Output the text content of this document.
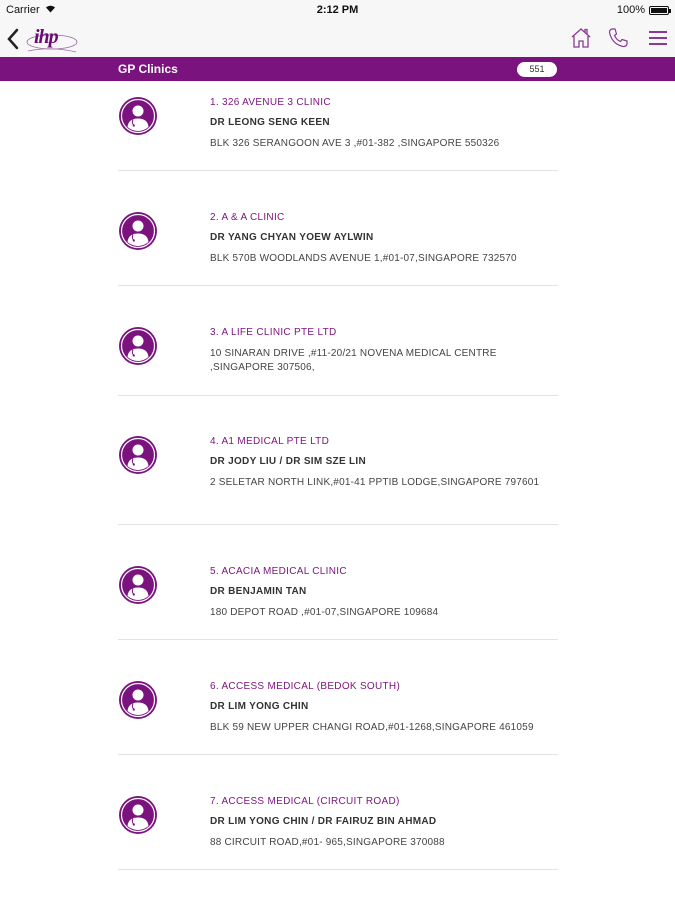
Carrier	2:12 PM	100%
ihp
GP Clinics	551
1. 326 AVENUE 3 CLINIC
DR LEONG SENG KEEN
BLK 326 SERANGOON AVE 3 ,#01-382 ,SINGAPORE 550326
2. A & A CLINIC
DR YANG CHYAN YOEW AYLWIN
BLK 570B WOODLANDS AVENUE 1,#01-07,SINGAPORE 732570
3. A LIFE CLINIC PTE LTD
10 SINARAN DRIVE ,#11-20/21 NOVENA MEDICAL CENTRE ,SINGAPORE 307506,
4. A1 MEDICAL PTE LTD
DR JODY LIU / DR SIM SZE LIN
2 SELETAR NORTH LINK,#01-41 PPTIB LODGE,SINGAPORE 797601
5. ACACIA MEDICAL CLINIC
DR BENJAMIN TAN
180 DEPOT ROAD ,#01-07,SINGAPORE 109684
6. ACCESS MEDICAL (BEDOK SOUTH)
DR LIM YONG CHIN
BLK 59 NEW UPPER CHANGI ROAD,#01-1268,SINGAPORE 461059
7. ACCESS MEDICAL (CIRCUIT ROAD)
DR LIM YONG CHIN / DR FAIRUZ BIN AHMAD
88 CIRCUIT ROAD,#01- 965,SINGAPORE 370088
